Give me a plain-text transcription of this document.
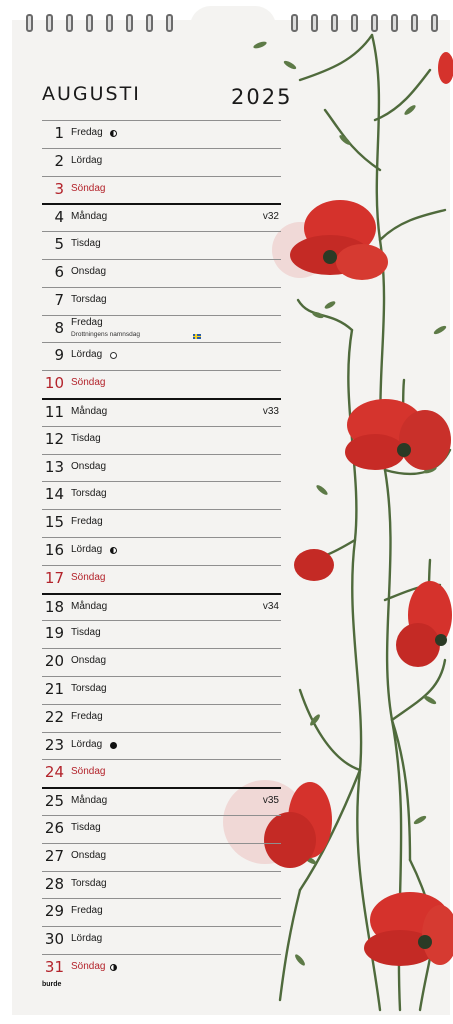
AUGUSTI	2025
1 Fredag
2 Lördag
3 Söndag
4 Måndag	v32
5 Tisdag
6 Onsdag
7 Torsdag
8 Fredag
Drottningens namnsdag
9 Lördag
10 Söndag
11 Måndag	v33
12 Tisdag
13 Onsdag
14 Torsdag
15 Fredag
16 Lördag
17 Söndag
18 Måndag	v34
19 Tisdag
20 Onsdag
21 Torsdag
22 Fredag
23 Lördag
24 Söndag
25 Måndag	v35
26 Tisdag
27 Onsdag
28 Torsdag
29 Fredag
30 Lördag
31 Söndag
burde
